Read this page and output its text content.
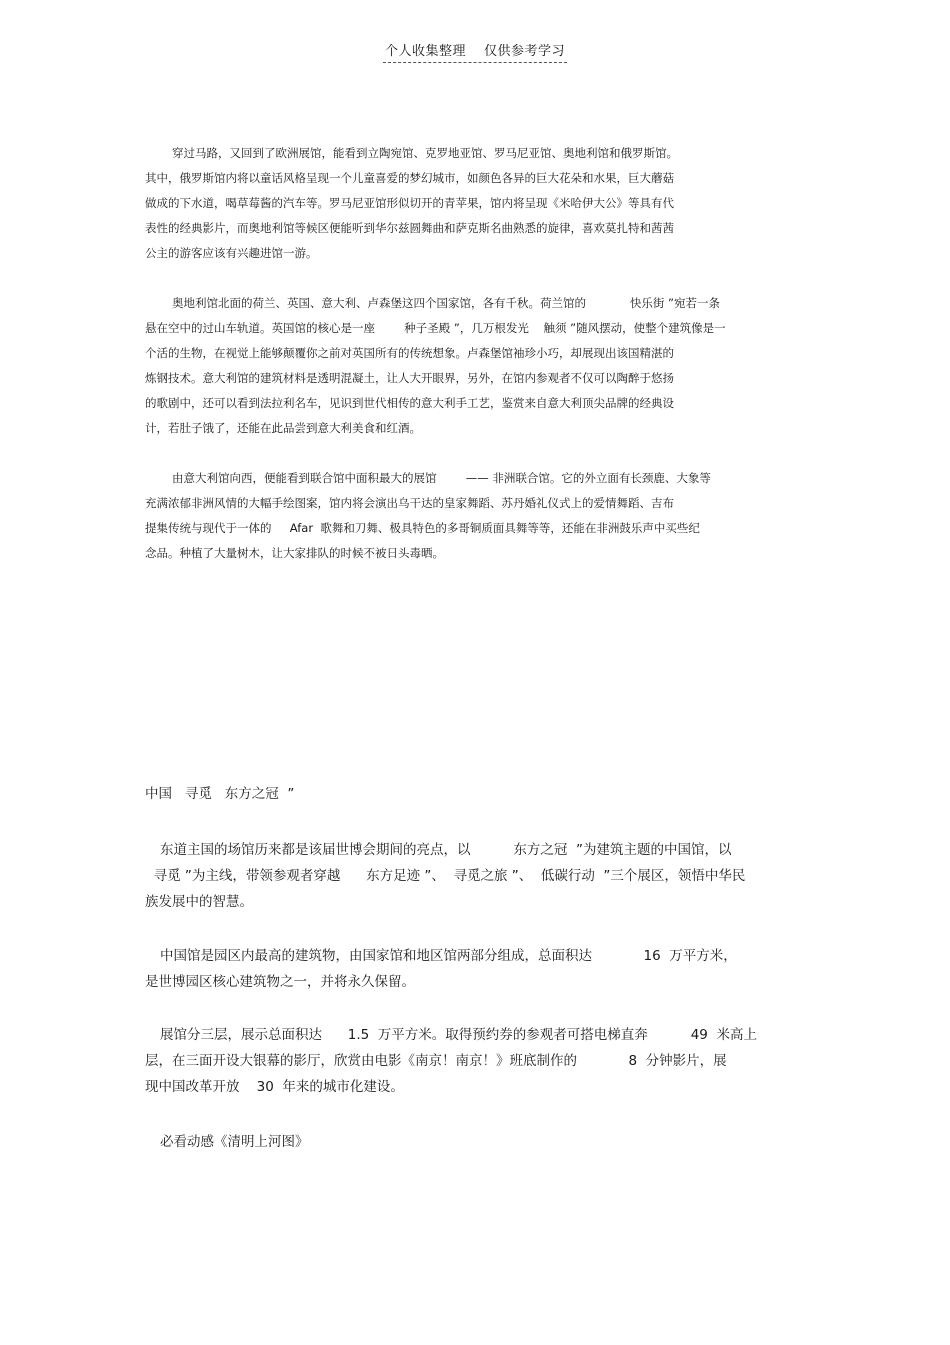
个人收集整理 仅供参考学习
穿过马路，又回到了欧洲展馆，能看到立陶宛馆、克罗地亚馆、罗马尼亚馆、奥地利馆和俄罗斯馆。
其中，俄罗斯馆内将以童话风格呈现一个儿童喜爱的梦幻城市，如颜色各异的巨大花朵和水果，巨大蘑菇
做成的下水道，喝草莓酱的汽车等。罗马尼亚馆形似切开的青苹果，馆内将呈现《米哈伊大公》等具有代
表性的经典影片，而奥地利馆等候区便能听到华尔兹圆舞曲和萨克斯名曲熟悉的旋律，喜欢莫扎特和茜茜
公主的游客应该有兴趣进馆一游。
奥地利馆北面的荷兰、英国、意大利、卢森堡这四个国家馆，各有千秋。荷兰馆的            快乐街 ”宛若一条
悬在空中的过山车轨道。英国馆的核心是一座        种子圣殿 ”，几万根发光    触须 ”随风摆动，使整个建筑像是一
个活的生物，在视觉上能够颠覆你之前对英国所有的传统想象。卢森堡馆袖珍小巧，却展现出该国精湛的
炼钢技术。意大利馆的建筑材料是透明混凝土，让人大开眼界，另外，在馆内参观者不仅可以陶醉于悠扬
的歌剧中，还可以看到法拉利名车，见识到世代相传的意大利手工艺，鉴赏来自意大利顶尖品牌的经典设
计，若肚子饿了，还能在此品尝到意大利美食和红酒。
由意大利馆向西，便能看到联合馆中面积最大的展馆        —— 非洲联合馆。它的外立面有长颈鹿、大象等
充满浓郁非洲风情的大幅手绘图案，馆内将会演出乌干达的皇家舞蹈、苏丹婚礼仪式上的爱情舞蹈、吉布
提集传统与现代于一体的     Afar  歌舞和刀舞、极具特色的多哥铜质面具舞等等，还能在非洲鼓乐声中买些纪
念品。种植了大量树木，让大家排队的时候不被日头毒晒。
中国   寻觅   东方之冠  ”
东道主国的场馆历来都是该届世博会期间的亮点，以          东方之冠  ”为建筑主题的中国馆，以
寻觅 ”为主线，带领参观者穿越      东方足迹 ”、  寻觅之旅 ”、  低碳行动  ”三个展区，领悟中华民
族发展中的智慧。
中国馆是园区内最高的建筑物，由国家馆和地区馆两部分组成，总面积达            16  万平方米，
是世博园区核心建筑物之一，并将永久保留。
展馆分三层，展示总面积达      1.5  万平方米。取得预约券的参观者可搭电梯直奔          49  米高上
层，在三面开设大银幕的影厅，欣赏由电影《南京！南京！》班底制作的            8  分钟影片，展
现中国改革开放    30  年来的城市化建设。
必看动感《清明上河图》
